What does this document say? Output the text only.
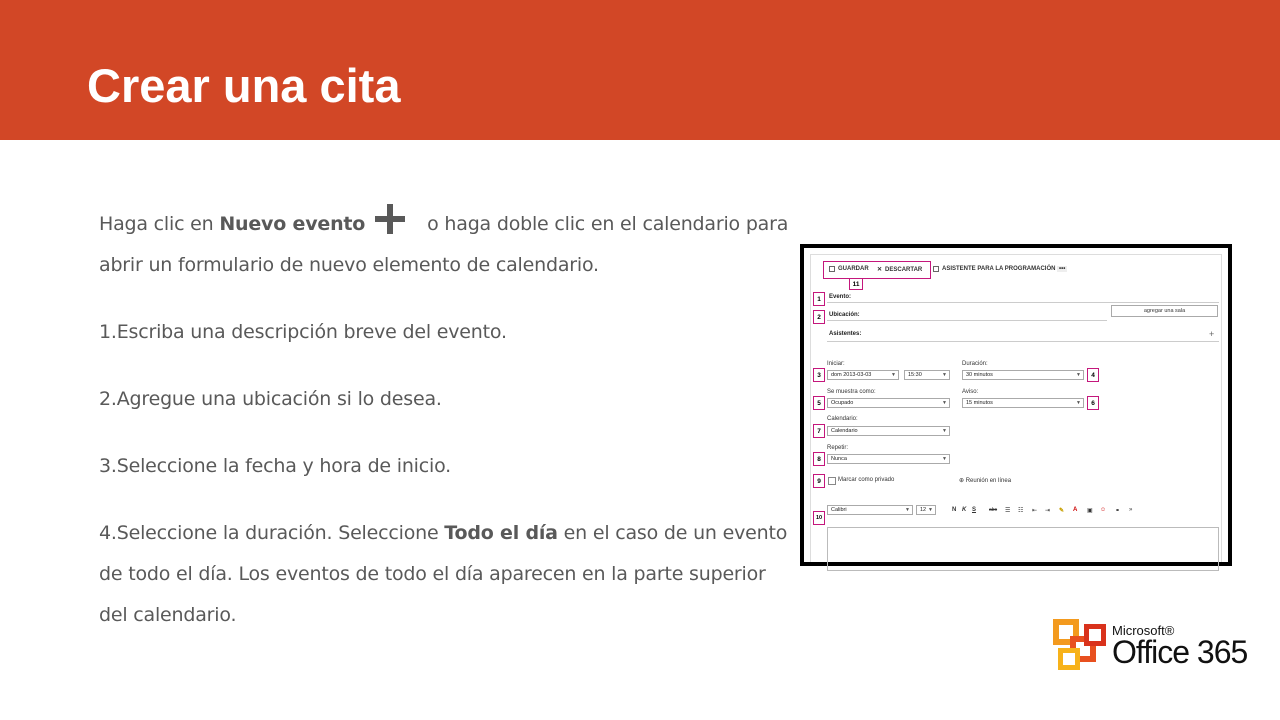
Crear una cita

Haga clic en Nuevo evento	o haga doble clic en el calendario para abrir un formulario de nuevo elemento de calendario.

1.Escriba una descripción breve del evento.

2.Agregue una ubicación si lo desea.

3.Seleccione la fecha y hora de inicio.

4.Seleccione la duración. Seleccione Todo el día en el caso de un evento de todo el día. Los eventos de todo el día aparecen en la parte superior del calendario.

GUARDAR ✕ DESCARTAR	ASISTENTE PARA LA PROGRAMACIÓN •••
11
1	Evento:
2	Ubicación:
agregar una sala
Asistentes:	+
Iniciar:	Duración:
3	dom 2013-03-03	▼	15:30	▼	30 minutos	▼	4
Se muestra como:	Aviso:
5	Ocupado	▼	15 minutos	▼	6
Calendario:
7	Calendario	▼
Repetir:
8	Nunca	▼
9	Marcar como privado	⊕ Reunión en línea
10
Calibri	▼	12 ▼	N K S	abc ☰ ☷ ⇤ ⇥ ✎ A ▣ ☺ ⚭ »
Microsoft®
Office 365
